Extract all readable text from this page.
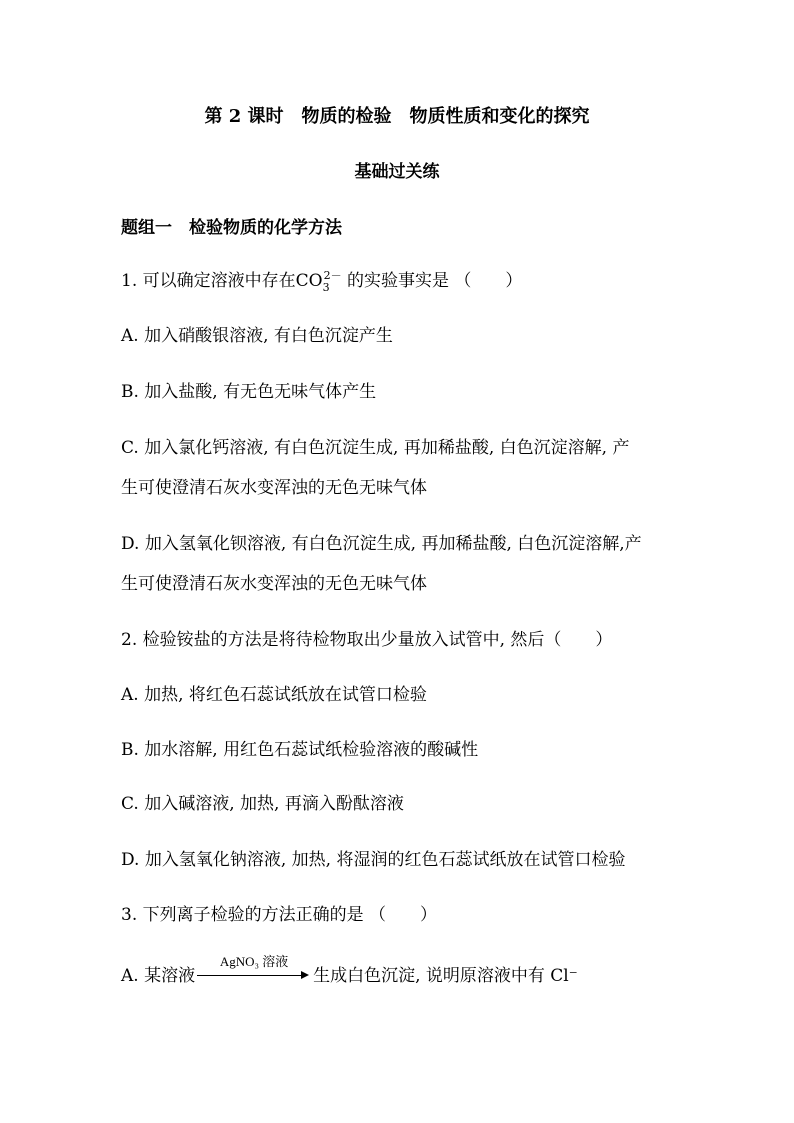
第 2 课时　物质的检验　物质性质和变化的探究
基础过关练
题组一　检验物质的化学方法
1. 可以确定溶液中存在$CO_3^{2-}$ 的实验事实是 （　　）
A. 加入硝酸银溶液, 有白色沉淀产生
B. 加入盐酸, 有无色无味气体产生
C. 加入氯化钙溶液, 有白色沉淀生成, 再加稀盐酸, 白色沉淀溶解, 产
生可使澄清石灰水变浑浊的无色无味气体
D. 加入氢氧化钡溶液, 有白色沉淀生成, 再加稀盐酸, 白色沉淀溶解,产
生可使澄清石灰水变浑浊的无色无味气体
2. 检验铵盐的方法是将待检物取出少量放入试管中, 然后（　　）
A. 加热, 将红色石蕊试纸放在试管口检验
B. 加水溶解, 用红色石蕊试纸检验溶液的酸碱性
C. 加入碱溶液, 加热, 再滴入酚酞溶液
D. 加入氢氧化钠溶液, 加热, 将湿润的红色石蕊试纸放在试管口检验
3. 下列离子检验的方法正确的是 （　　）
A. 某溶液
AgNO₃ 溶液
生成白色沉淀, 说明原溶液中有 Cl⁻
